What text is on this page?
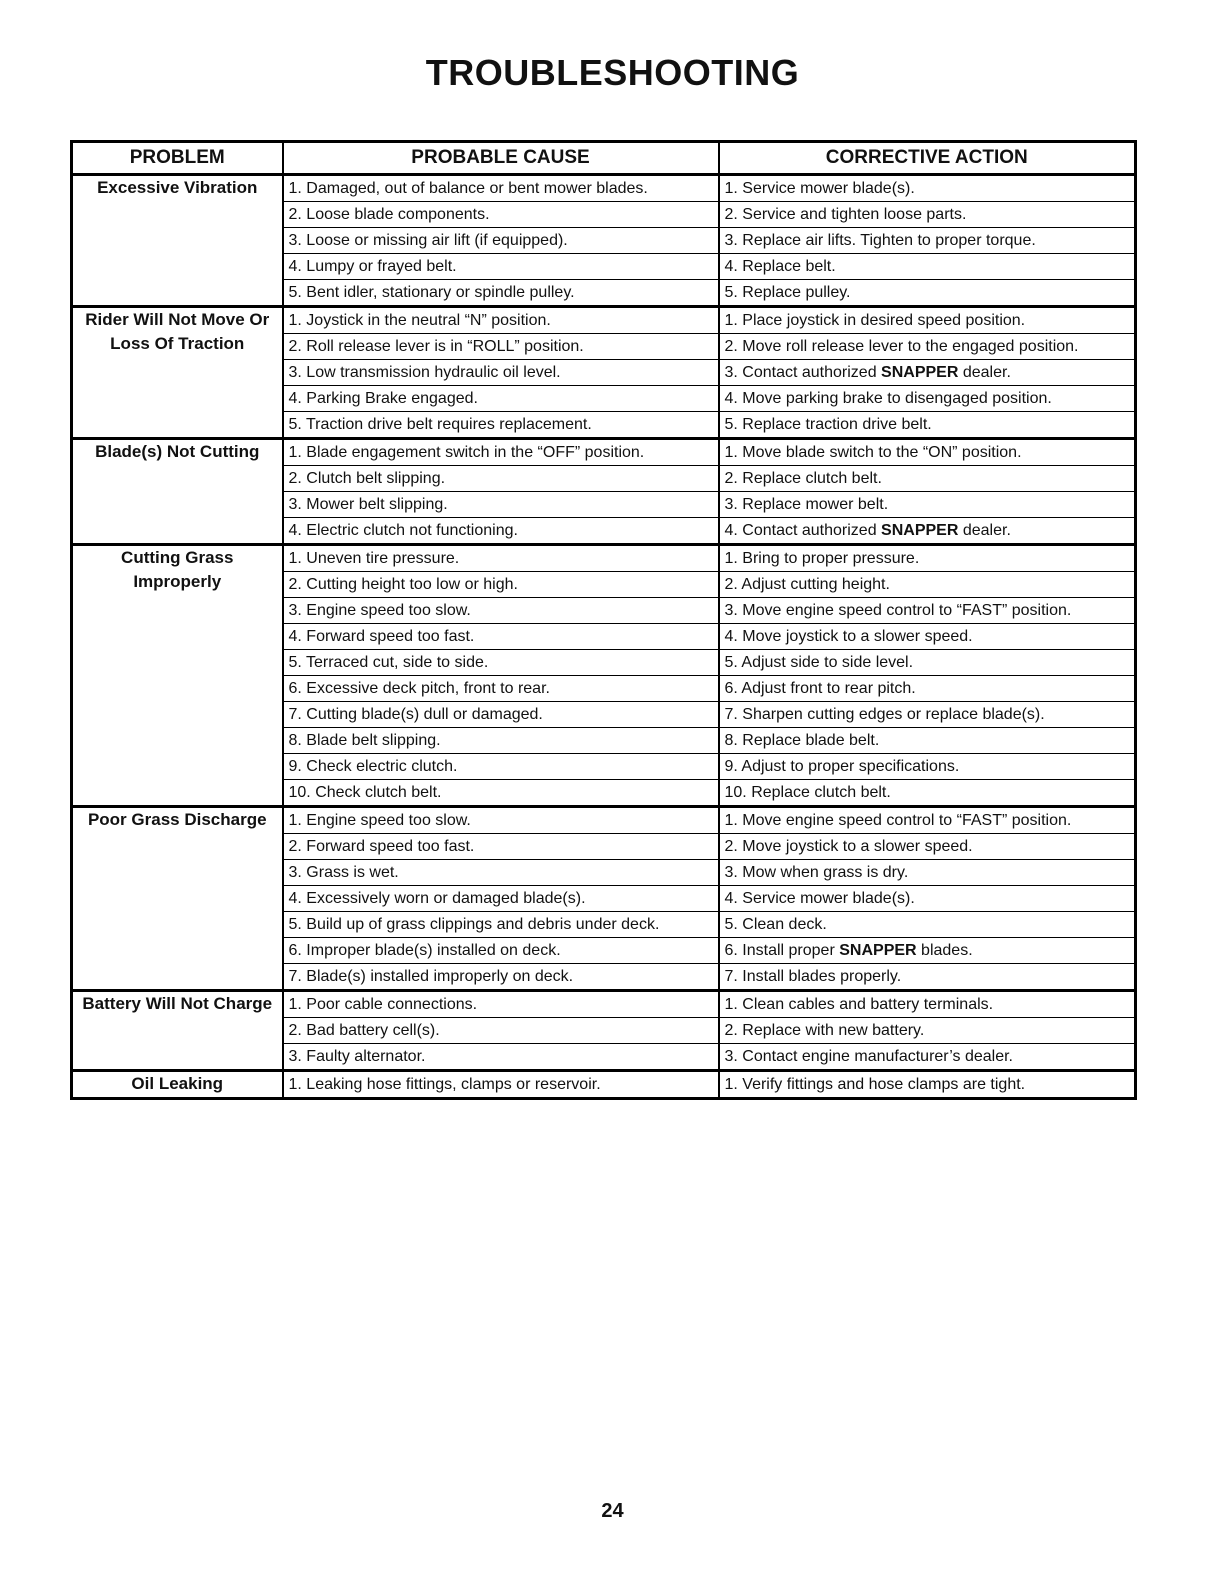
TROUBLESHOOTING
PROBLEM	PROBABLE CAUSE	CORRECTIVE ACTION
Excessive Vibration	1. Damaged, out of balance or bent mower blades.	1. Service mower blade(s).
	2. Loose blade components.	2. Service and tighten loose parts.
	3. Loose or missing air lift (if equipped).	3. Replace air lifts. Tighten to proper torque.
	4. Lumpy or frayed belt.	4. Replace belt.
	5. Bent idler, stationary or spindle pulley.	5. Replace pulley.
Rider Will Not Move Or Loss Of Traction	1. Joystick in the neutral “N” position.	1. Place joystick in desired speed position.
	2. Roll release lever is in “ROLL” position.	2. Move roll release lever to the engaged position.
	3. Low transmission hydraulic oil level.	3. Contact authorized SNAPPER dealer.
	4. Parking Brake engaged.	4. Move parking brake to disengaged position.
	5. Traction drive belt requires replacement.	5. Replace traction drive belt.
Blade(s) Not Cutting	1. Blade engagement switch in the “OFF” position.	1. Move blade switch to the “ON” position.
	2. Clutch belt slipping.	2. Replace clutch belt.
	3. Mower belt slipping.	3. Replace mower belt.
	4. Electric clutch not functioning.	4. Contact authorized SNAPPER dealer.
Cutting Grass Improperly	1. Uneven tire pressure.	1. Bring to proper pressure.
	2. Cutting height too low or high.	2. Adjust cutting height.
	3. Engine speed too slow.	3. Move engine speed control to “FAST” position.
	4. Forward speed too fast.	4. Move joystick to a slower speed.
	5. Terraced cut, side to side.	5. Adjust side to side level.
	6. Excessive deck pitch, front to rear.	6. Adjust front to rear pitch.
	7. Cutting blade(s) dull or damaged.	7. Sharpen cutting edges or replace blade(s).
	8. Blade belt slipping.	8. Replace blade belt.
	9. Check electric clutch.	9. Adjust to proper specifications.
	10. Check clutch belt.	10. Replace clutch belt.
Poor Grass Discharge	1. Engine speed too slow.	1. Move engine speed control to “FAST” position.
	2. Forward speed too fast.	2. Move joystick to a slower speed.
	3. Grass is wet.	3. Mow when grass is dry.
	4. Excessively worn or damaged blade(s).	4. Service mower blade(s).
	5. Build up of grass clippings and debris under deck.	5. Clean deck.
	6. Improper blade(s) installed on deck.	6. Install proper SNAPPER blades.
	7. Blade(s) installed improperly on deck.	7. Install blades properly.
Battery Will Not Charge	1. Poor cable connections.	1. Clean cables and battery terminals.
	2. Bad battery cell(s).	2. Replace with new battery.
	3. Faulty alternator.	3. Contact engine manufacturer’s dealer.
Oil Leaking	1. Leaking hose fittings, clamps or reservoir.	1. Verify fittings and hose clamps are tight.
24
